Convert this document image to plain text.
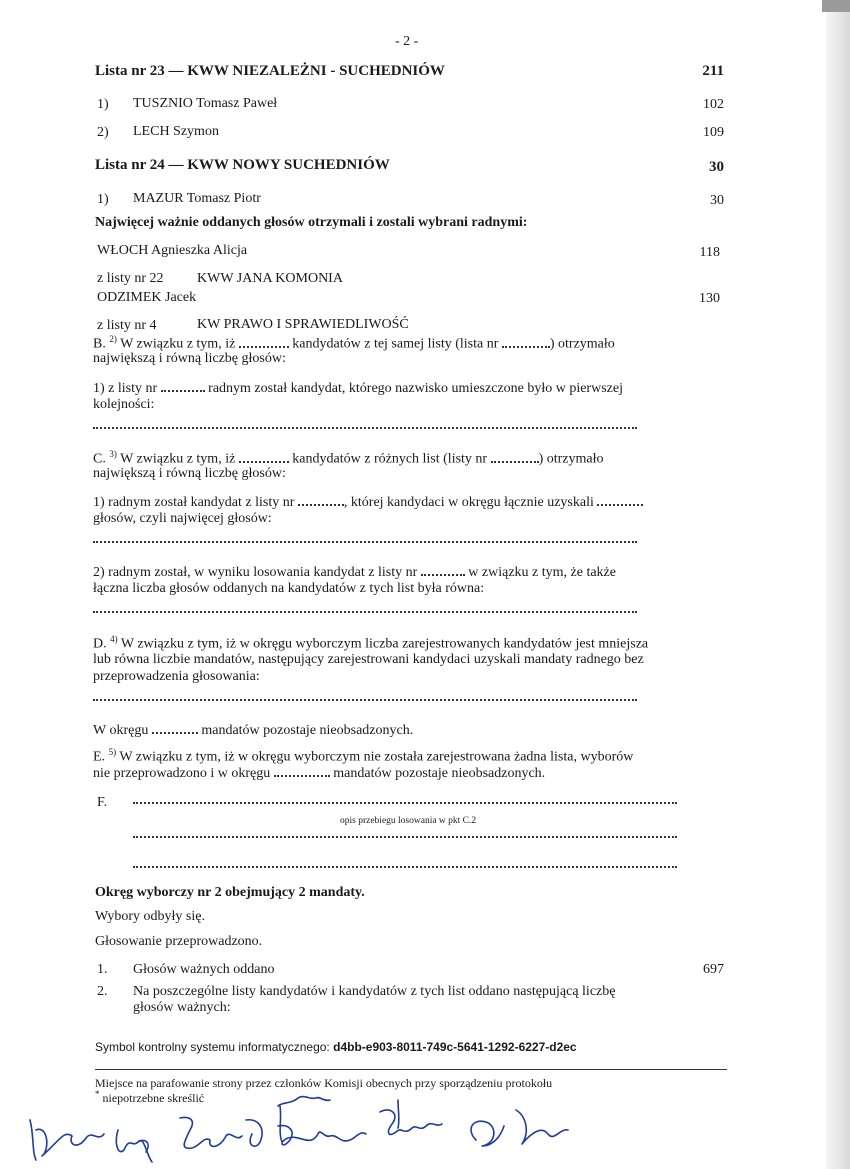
- 2 -
Lista nr 23 — KWW NIEZALEŻNI - SUCHEDNIÓW	211
1) TUSZNIO Tomasz Paweł	102
2) LECH Szymon	109
Lista nr 24 — KWW NOWY SUCHEDNIÓW	30
1) MAZUR Tomasz Piotr	30
Najwięcej ważnie oddanych głosów otrzymali i zostali wybrani radnymi:
WŁOCH Agnieszka Alicja	118
z listy nr 22 KWW JANA KOMONIA
ODZIMEK Jacek	130
z listy nr 4	KW PRAWO I SPRAWIEDLIWOŚĆ
B. $^{2)}$ W związku z tym, iż	kandydatów z tej samej listy (lista nr	) otrzymało
największą i równą liczbę głosów:
1) z listy nr	radnym został kandydat, którego nazwisko umieszczone było w pierwszej
kolejności:
C. $^{3)}$ W związku z tym, iż	kandydatów z różnych list (listy nr	) otrzymało
największą i równą liczbę głosów:
1) radnym został kandydat z listy nr	, której kandydaci w okręgu łącznie uzyskali
głosów, czyli najwięcej głosów:
2) radnym został, w wyniku losowania kandydat z listy nr	w związku z tym, że także
łączna liczba głosów oddanych na kandydatów z tych list była równa:
D. $^{4)}$ W związku z tym, iż w okręgu wyborczym liczba zarejestrowanych kandydatów jest mniejsza
lub równa liczbie mandatów, następujący zarejestrowani kandydaci uzyskali mandaty radnego bez
przeprowadzenia głosowania:
W okręgu	mandatów pozostaje nieobsadzonych.
E. $^{5)}$ W związku z tym, iż w okręgu wyborczym nie została zarejestrowana żadna lista, wyborów
nie przeprowadzono i w okręgu	mandatów pozostaje nieobsadzonych.
F.
opis przebiegu losowania w pkt C.2
Okręg wyborczy nr 2 obejmujący 2 mandaty.
Wybory odbyły się.
Głosowanie przeprowadzono.
1. Głosów ważnych oddano	697
2. Na poszczególne listy kandydatów i kandydatów z tych list oddano następującą liczbę
głosów ważnych:
Symbol kontrolny systemu informatycznego: d4bb-e903-8011-749c-5641-1292-6227-d2ec
Miejsce na parafowanie strony przez członków Komisji obecnych przy sporządzeniu protokołu
* niepotrzebne skreślić
